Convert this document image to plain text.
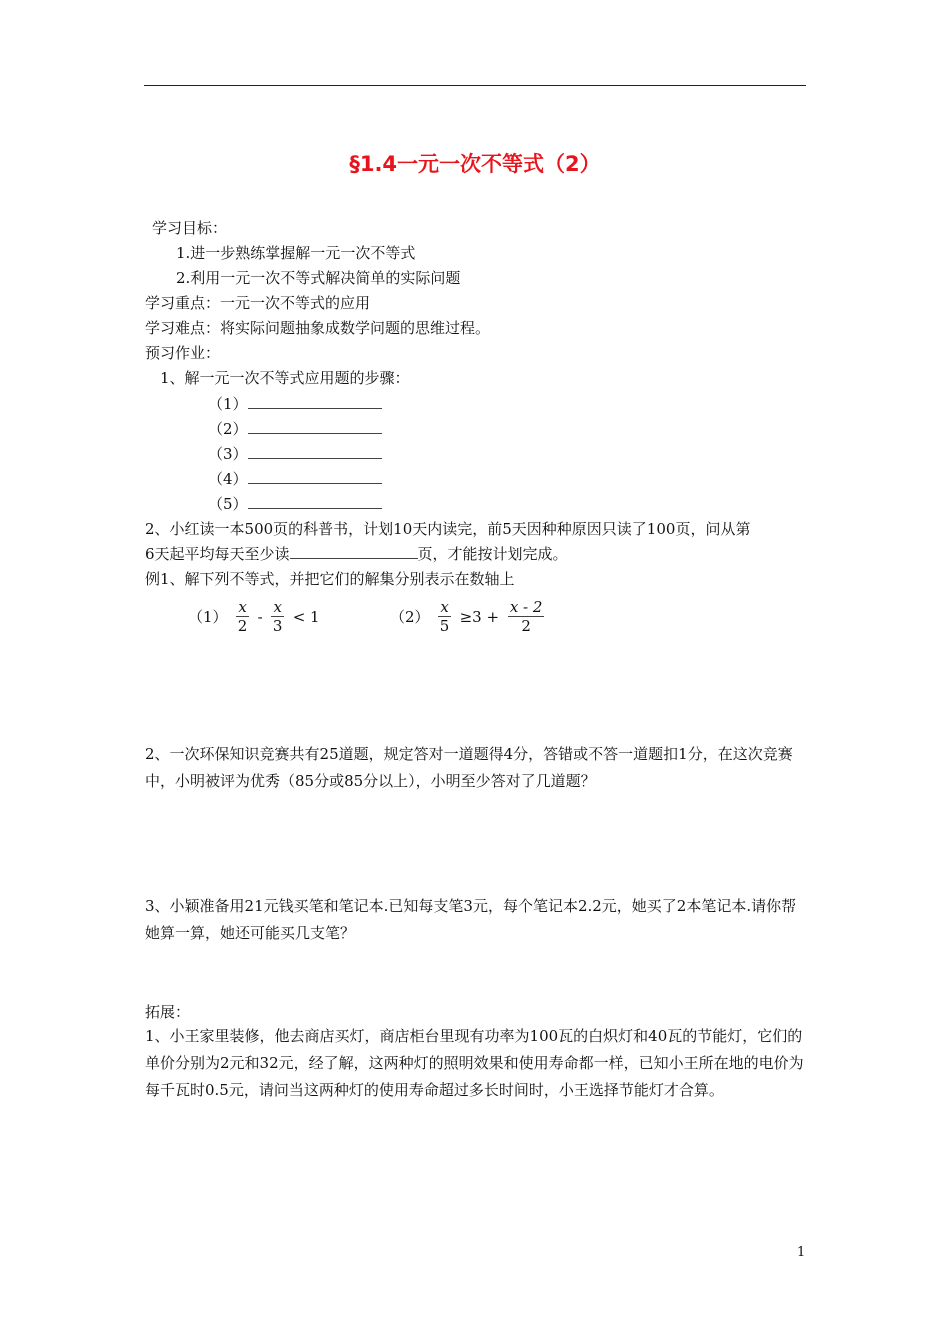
§1.4一元一次不等式（2）
学习目标：
1.进一步熟练掌握解一元一次不等式
2.利用一元一次不等式解决简单的实际问题
学习重点：一元一次不等式的应用
学习难点：将实际问题抽象成数学问题的思维过程。
预习作业：
1、解一元一次不等式应用题的步骤：
（1）
（2）
（3）
（4）
（5）
2、小红读一本500页的科普书，计划10天内读完，前5天因种种原因只读了100页，问从第
6天起平均每天至少读	页，才能按计划完成。
例1、解下列不等式，并把它们的解集分别表示在数轴上
$(1) \frac{x}{2} - \frac{x}{3} < 1$	$(2) \frac{x}{5} \ge 3 + \frac{x - 2}{2}$
2、一次环保知识竞赛共有25道题，规定答对一道题得4分，答错或不答一道题扣1分，在这次竞赛中，小明被评为优秀（85分或85分以上），小明至少答对了几道题？
3、小颖准备用21元钱买笔和笔记本.已知每支笔3元，每个笔记本2.2元，她买了2本笔记本.请你帮她算一算，她还可能买几支笔？
拓展：
1、小王家里装修，他去商店买灯，商店柜台里现有功率为100瓦的白炽灯和40瓦的节能灯，它们的单价分别为2元和32元，经了解，这两种灯的照明效果和使用寿命都一样，已知小王所在地的电价为每千瓦时0.5元，请问当这两种灯的使用寿命超过多长时间时，小王选择节能灯才合算。
1
